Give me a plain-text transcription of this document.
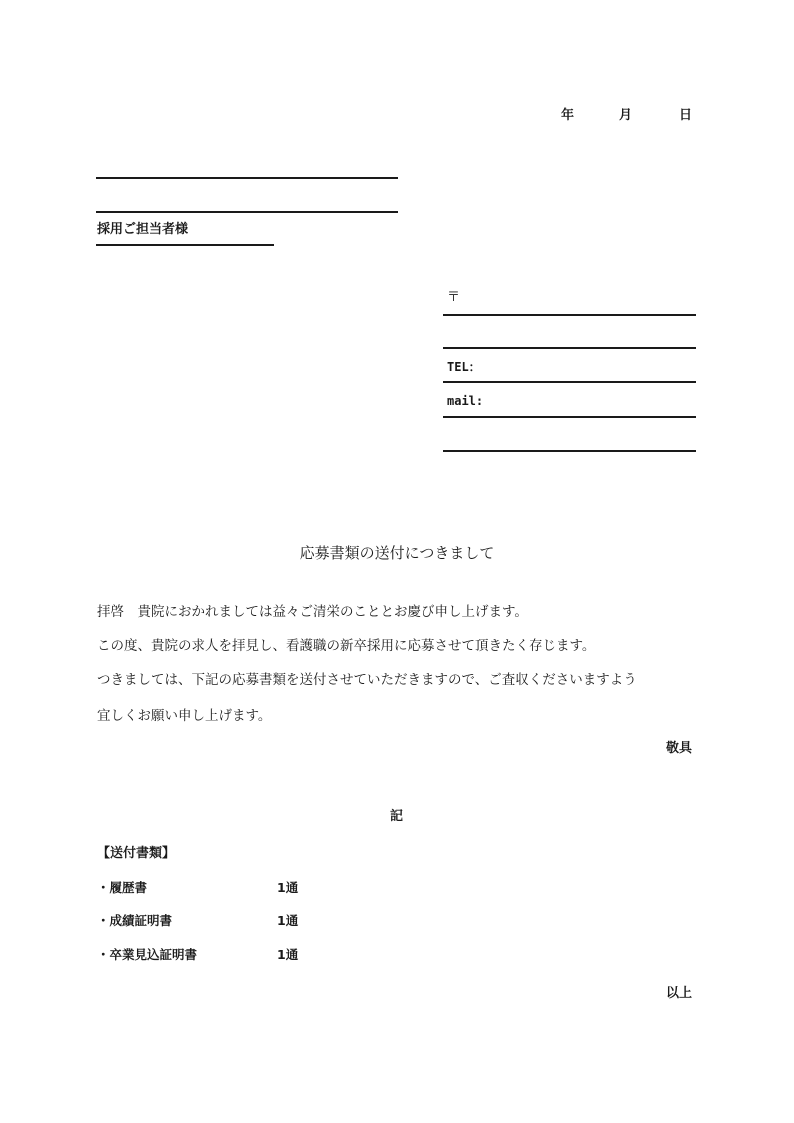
年	月	日
採用ご担当者様
〒
TEL：
mail:
応募書類の送付につきまして
拝啓　貴院におかれましては益々ご清栄のこととお慶び申し上げます。
この度、貴院の求人を拝見し、看護職の新卒採用に応募させて頂きたく存じます。
つきましては、下記の応募書類を送付させていただきますので、ご査収くださいますよう
宜しくお願い申し上げます。
敬具
記
【送付書類】
・履歴書	1通
・成績証明書	1通
・卒業見込証明書	1通
以上
